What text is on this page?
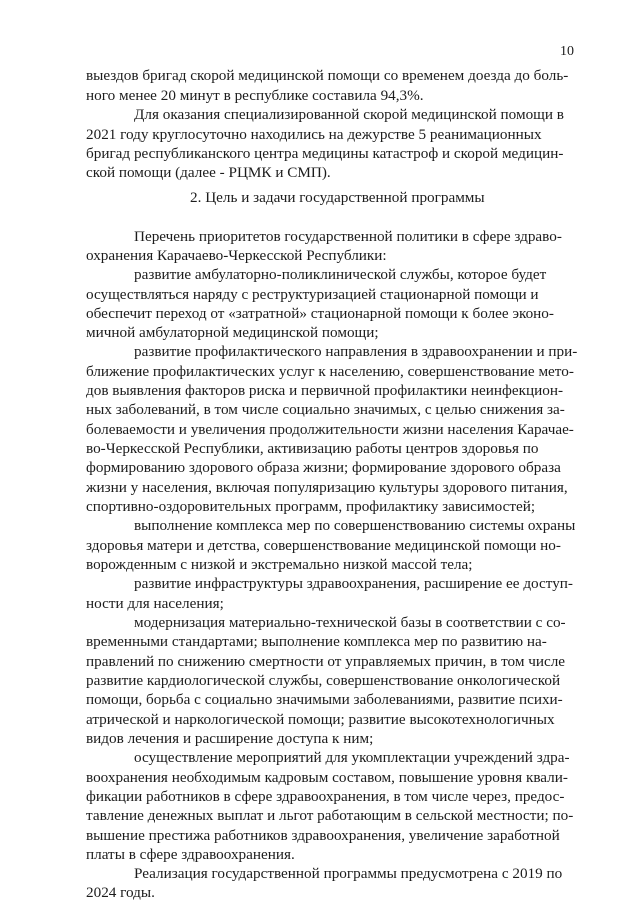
10
выездов бригад скорой медицинской помощи со временем доезда до боль-
ного менее 20 минут в республике составила 94,3%.
Для оказания специализированной скорой медицинской помощи в
2021 году круглосуточно находились на дежурстве 5 реанимационных
бригад республиканского центра медицины катастроф и скорой медицин-
ской помощи (далее - РЦМК и СМП).
2. Цель и задачи государственной программы
Перечень приоритетов государственной политики в сфере здраво-
охранения Карачаево-Черкесской Республики:
развитие амбулаторно-поликлинической службы, которое будет
осуществляться наряду с реструктуризацией стационарной помощи и
обеспечит переход от «затратной» стационарной помощи к более эконо-
мичной амбулаторной медицинской помощи;
развитие профилактического направления в здравоохранении и при-
ближение профилактических услуг к населению, совершенствование мето-
дов выявления факторов риска и первичной профилактики неинфекцион-
ных заболеваний, в том числе социально значимых, с целью снижения за-
болеваемости и увеличения продолжительности жизни населения Карачае-
во-Черкесской Республики, активизацию работы центров здоровья по
формированию здорового образа жизни; формирование здорового образа
жизни у населения, включая популяризацию культуры здорового питания,
спортивно-оздоровительных программ, профилактику зависимостей;
выполнение комплекса мер по совершенствованию системы охраны
здоровья матери и детства, совершенствование медицинской помощи но-
ворожденным с низкой и экстремально низкой массой тела;
развитие инфраструктуры здравоохранения, расширение ее доступ-
ности для населения;
модернизация материально-технической базы в соответствии с со-
временными стандартами; выполнение комплекса мер по развитию на-
правлений по снижению смертности от управляемых причин, в том числе
развитие кардиологической службы, совершенствование онкологической
помощи, борьба с социально значимыми заболеваниями, развитие психи-
атрической и наркологической помощи; развитие высокотехнологичных
видов лечения и расширение доступа к ним;
осуществление мероприятий для укомплектации учреждений здра-
воохранения необходимым кадровым составом, повышение уровня квали-
фикации работников в сфере здравоохранения, в том числе через, предос-
тавление денежных выплат и льгот работающим в сельской местности; по-
вышение престижа работников здравоохранения, увеличение заработной
платы в сфере здравоохранения.
Реализация государственной программы предусмотрена с 2019 по
2024 годы.
